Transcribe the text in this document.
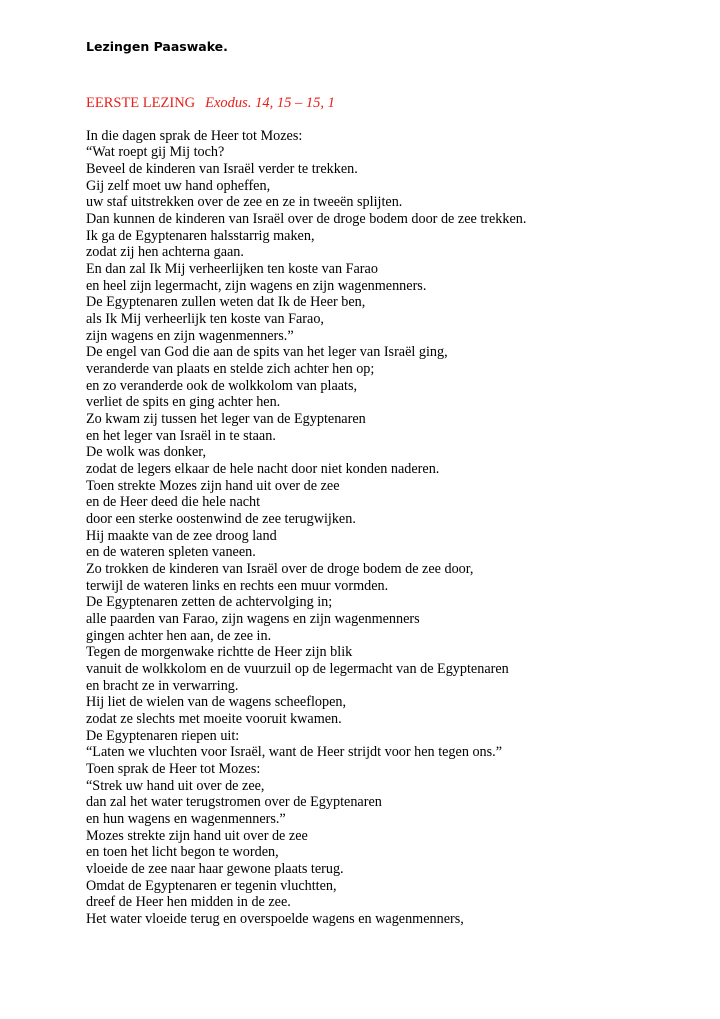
Lezingen Paaswake.
EERSTE LEZING Exodus. 14, 15 – 15, 1
In die dagen sprak de Heer tot Mozes:
“Wat roept gij Mij toch?
Beveel de kinderen van Israël verder te trekken.
Gij zelf moet uw hand opheffen,
uw staf uitstrekken over de zee en ze in tweeën splijten.
Dan kunnen de kinderen van Israël over de droge bodem door de zee trekken.
Ik ga de Egyptenaren halsstarrig maken,
zodat zij hen achterna gaan.
En dan zal Ik Mij verheerlijken ten koste van Farao
en heel zijn legermacht, zijn wagens en zijn wagenmenners.
De Egyptenaren zullen weten dat Ik de Heer ben,
als Ik Mij verheerlijk ten koste van Farao,
zijn wagens en zijn wagenmenners.”
De engel van God die aan de spits van het leger van Israël ging,
veranderde van plaats en stelde zich achter hen op;
en zo veranderde ook de wolkkolom van plaats,
verliet de spits en ging achter hen.
Zo kwam zij tussen het leger van de Egyptenaren
en het leger van Israël in te staan.
De wolk was donker,
zodat de legers elkaar de hele nacht door niet konden naderen.
Toen strekte Mozes zijn hand uit over de zee
en de Heer deed die hele nacht
door een sterke oostenwind de zee terugwijken.
Hij maakte van de zee droog land
en de wateren spleten vaneen.
Zo trokken de kinderen van Israël over de droge bodem de zee door,
terwijl de wateren links en rechts een muur vormden.
De Egyptenaren zetten de achtervolging in;
alle paarden van Farao, zijn wagens en zijn wagenmenners
gingen achter hen aan, de zee in.
Tegen de morgenwake richtte de Heer zijn blik
vanuit de wolkkolom en de vuurzuil op de legermacht van de Egyptenaren
en bracht ze in verwarring.
Hij liet de wielen van de wagens scheeflopen,
zodat ze slechts met moeite vooruit kwamen.
De Egyptenaren riepen uit:
“Laten we vluchten voor Israël, want de Heer strijdt voor hen tegen ons.”
Toen sprak de Heer tot Mozes:
“Strek uw hand uit over de zee,
dan zal het water terugstromen over de Egyptenaren
en hun wagens en wagenmenners.”
Mozes strekte zijn hand uit over de zee
en toen het licht begon te worden,
vloeide de zee naar haar gewone plaats terug.
Omdat de Egyptenaren er tegenin vluchtten,
dreef de Heer hen midden in de zee.
Het water vloeide terug en overspoelde wagens en wagenmenners,
